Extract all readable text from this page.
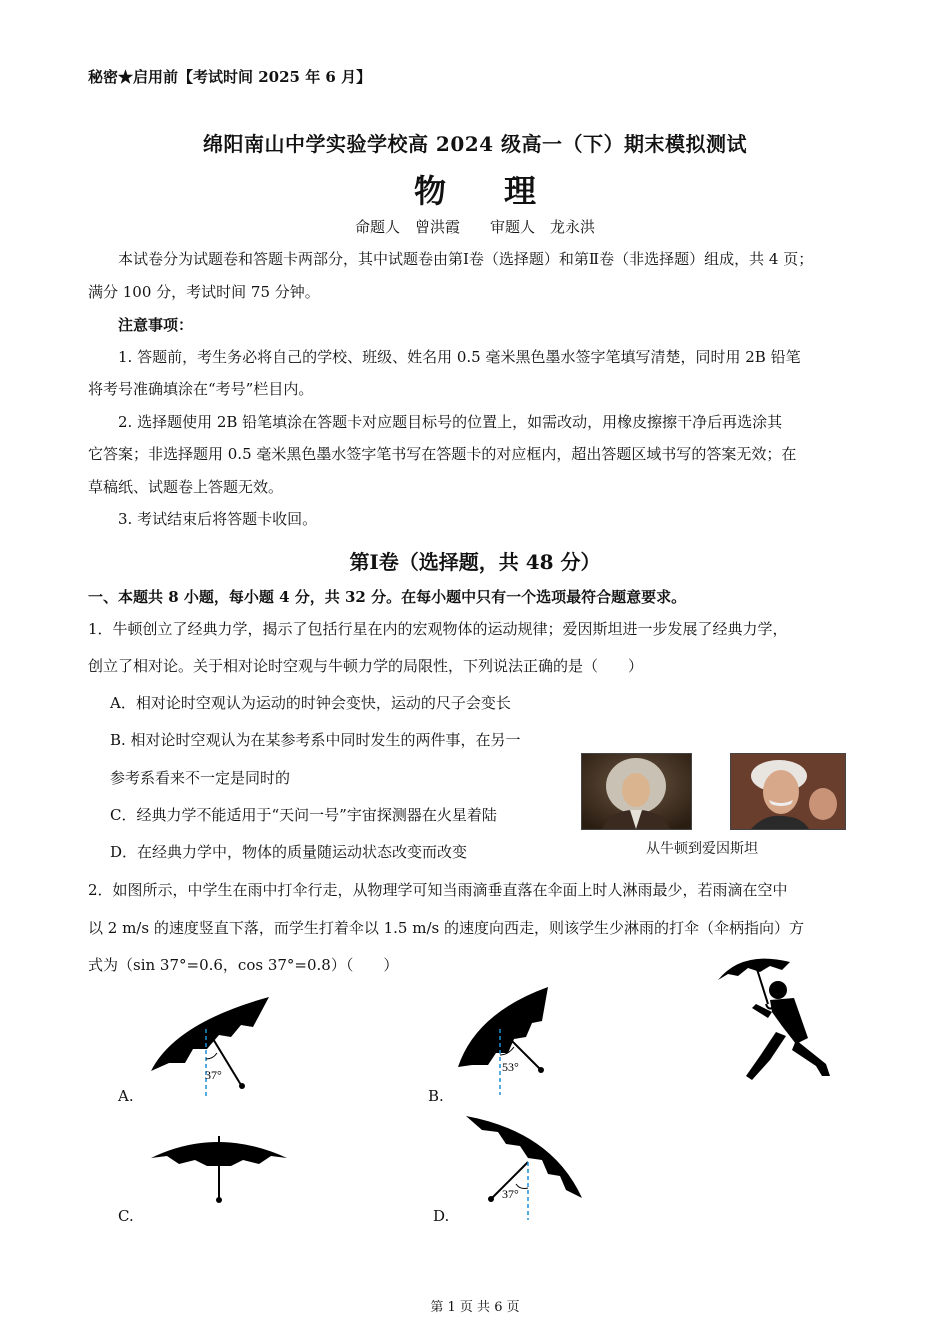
秘密★启用前【考试时间 2025 年 6 月】
绵阳南山中学实验学校高 2024 级高一（下）期末模拟测试
物理
命题人　曾洪霞　　审题人　龙永洪
本试卷分为试题卷和答题卡两部分，其中试题卷由第Ⅰ卷（选择题）和第Ⅱ卷（非选择题）组成，共 4 页；
满分 100 分，考试时间 75 分钟。
注意事项：
1. 答题前，考生务必将自己的学校、班级、姓名用 0.5 毫米黑色墨水签字笔填写清楚，同时用 2B 铅笔
将考号准确填涂在“考号”栏目内。
2. 选择题使用 2B 铅笔填涂在答题卡对应题目标号的位置上，如需改动，用橡皮擦擦干净后再选涂其
它答案；非选择题用 0.5 毫米黑色墨水签字笔书写在答题卡的对应框内，超出答题区域书写的答案无效；在
草稿纸、试题卷上答题无效。
3. 考试结束后将答题卡收回。
第Ⅰ卷（选择题，共 48 分）
一、本题共 8 小题，每小题 4 分，共 32 分。在每小题中只有一个选项最符合题意要求。
1．牛顿创立了经典力学，揭示了包括行星在内的宏观物体的运动规律；爱因斯坦进一步发展了经典力学，
创立了相对论。关于相对论时空观与牛顿力学的局限性，下列说法正确的是（　　）
A．相对论时空观认为运动的时钟会变快，运动的尺子会变长
B. 相对论时空观认为在某参考系中同时发生的两件事，在另一
参考系看来不一定是同时的
C．经典力学不能适用于“天问一号”宇宙探测器在火星着陆
D．在经典力学中，物体的质量随运动状态改变而改变	从牛顿到爱因斯坦
2．如图所示，中学生在雨中打伞行走，从物理学可知当雨滴垂直落在伞面上时人淋雨最少，若雨滴在空中
以 2 m/s 的速度竖直下落，而学生打着伞以 1.5 m/s 的速度向西走，则该学生少淋雨的打伞（伞柄指向）方
式为（sin 37°=0.6，cos 37°=0.8）（　　）
37°
A.
53°
B.
C.
37°
D.
第 1 页 共 6 页
